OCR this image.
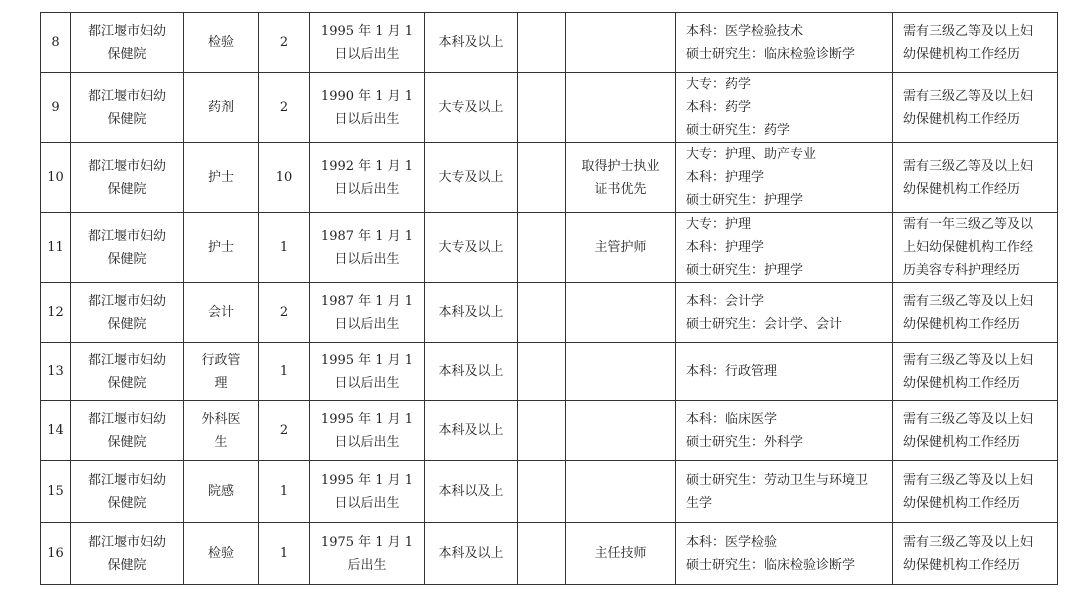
8	都江堰市妇幼
保健院	检验	2	1995 年 1 月 1
日以后出生	本科及以上			本科：医学检验技术
硕士研究生：临床检验诊断学	需有三级乙等及以上妇
幼保健机构工作经历

9	都江堰市妇幼
保健院	药剂	2	1990 年 1 月 1
日以后出生	大专及以上			大专：药学
本科：药学
硕士研究生：药学	需有三级乙等及以上妇
幼保健机构工作经历

10	都江堰市妇幼
保健院	护士	10	1992 年 1 月 1
日以后出生	大专及以上		取得护士执业
证书优先	大专：护理、助产专业
本科：护理学
硕士研究生：护理学	需有三级乙等及以上妇
幼保健机构工作经历

11	都江堰市妇幼
保健院	护士	1	1987 年 1 月 1
日以后出生	大专及以上		主管护师	大专：护理
本科：护理学
硕士研究生：护理学	需有一年三级乙等及以
上妇幼保健机构工作经
历美容专科护理经历

12	都江堰市妇幼
保健院	会计	2	1987 年 1 月 1
日以后出生	本科及以上			本科：会计学
硕士研究生：会计学、会计	需有三级乙等及以上妇
幼保健机构工作经历

13	都江堰市妇幼
保健院	行政管
理	1	1995 年 1 月 1
日以后出生	本科及以上			本科：行政管理	需有三级乙等及以上妇
幼保健机构工作经历

14	都江堰市妇幼
保健院	外科医
生	2	1995 年 1 月 1
日以后出生	本科及以上			本科：临床医学
硕士研究生：外科学	需有三级乙等及以上妇
幼保健机构工作经历

15	都江堰市妇幼
保健院	院感	1	1995 年 1 月 1
日以后出生	本科以及上			硕士研究生：劳动卫生与环境卫
生学	需有三级乙等及以上妇
幼保健机构工作经历

16	都江堰市妇幼
保健院	检验	1	1975 年 1 月 1
后出生	本科及以上		主任技师	本科：医学检验
硕士研究生：临床检验诊断学	需有三级乙等及以上妇
幼保健机构工作经历
